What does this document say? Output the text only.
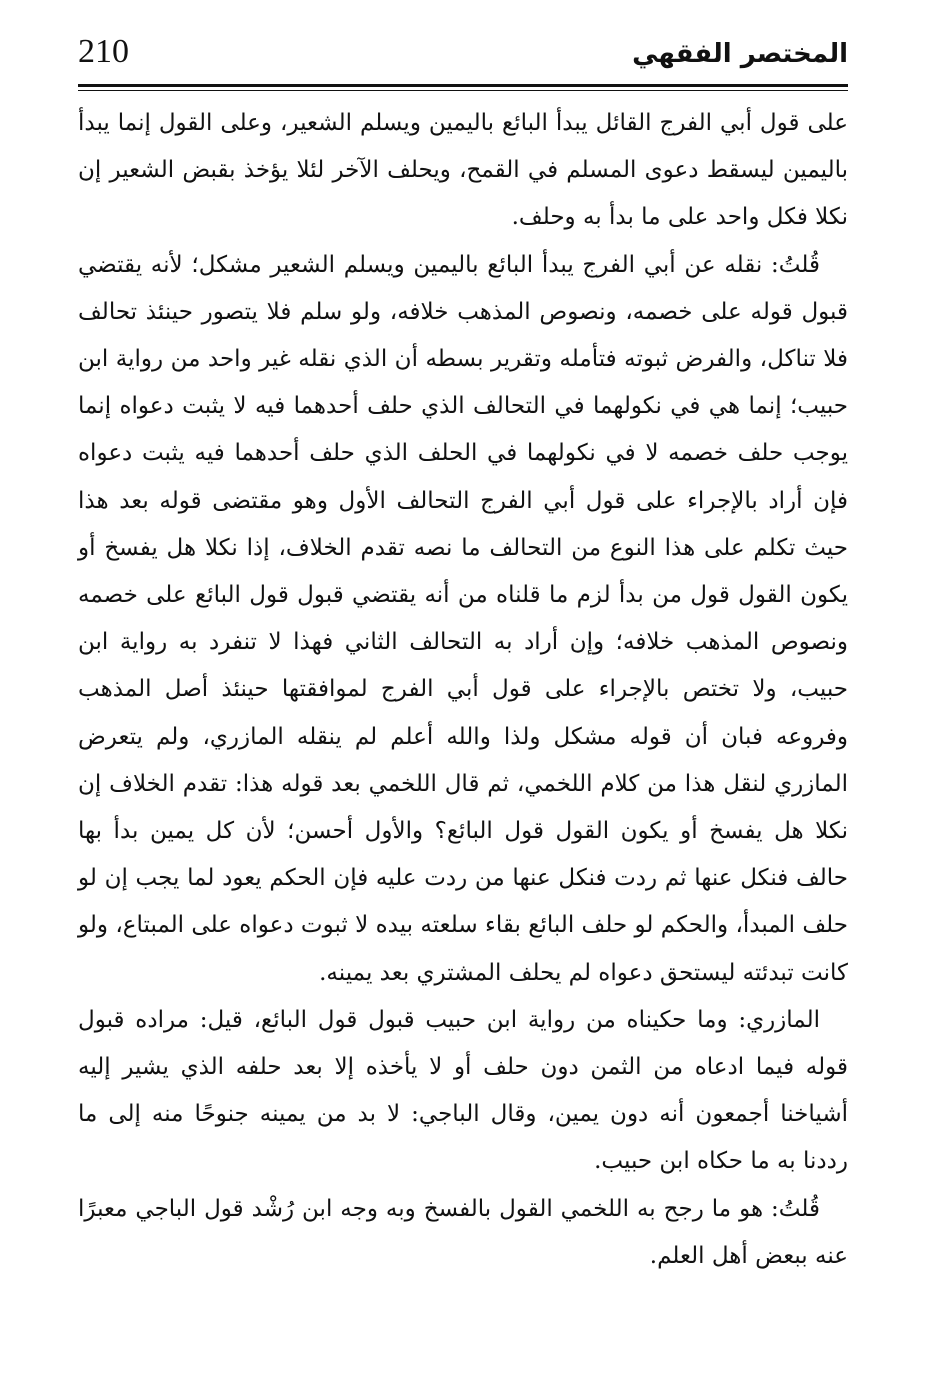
210	المختصر الفقهي

على قول أبي الفرج القائل يبدأ البائع باليمين ويسلم الشعير، وعلى القول إنما يبدأ باليمين ليسقط دعوى المسلم في القمح، ويحلف الآخر لئلا يؤخذ بقبض الشعير إن نكلا فكل واحد على ما بدأ به وحلف.

قُلتُ: نقله عن أبي الفرج يبدأ البائع باليمين ويسلم الشعير مشكل؛ لأنه يقتضي قبول قوله على خصمه، ونصوص المذهب خلافه، ولو سلم فلا يتصور حينئذ تحالف فلا تناكل، والفرض ثبوته فتأمله وتقرير بسطه أن الذي نقله غير واحد من رواية ابن حبيب؛ إنما هي في نكولهما في التحالف الذي حلف أحدهما فيه لا يثبت دعواه إنما يوجب حلف خصمه لا في نكولهما في الحلف الذي حلف أحدهما فيه يثبت دعواه فإن أراد بالإجراء على قول أبي الفرج التحالف الأول وهو مقتضى قوله بعد هذا حيث تكلم على هذا النوع من التحالف ما نصه تقدم الخلاف، إذا نكلا هل يفسخ أو يكون القول قول من بدأ لزم ما قلناه من أنه يقتضي قبول قول البائع على خصمه ونصوص المذهب خلافه؛ وإن أراد به التحالف الثاني فهذا لا تنفرد به رواية ابن حبيب، ولا تختص بالإجراء على قول أبي الفرج لموافقتها حينئذ أصل المذهب وفروعه فبان أن قوله مشكل ولذا والله أعلم لم ينقله المازري، ولم يتعرض المازري لنقل هذا من كلام اللخمي، ثم قال اللخمي بعد قوله هذا: تقدم الخلاف إن نكلا هل يفسخ أو يكون القول قول البائع؟ والأول أحسن؛ لأن كل يمين بدأ بها حالف فنكل عنها ثم ردت فنكل عنها من ردت عليه فإن الحكم يعود لما يجب إن لو حلف المبدأ، والحكم لو حلف البائع بقاء سلعته بيده لا ثبوت دعواه على المبتاع، ولو كانت تبدئته ليستحق دعواه لم يحلف المشتري بعد يمينه.

المازري: وما حكيناه من رواية ابن حبيب قبول قول البائع، قيل: مراده قبول قوله فيما ادعاه من الثمن دون حلف أو لا يأخذه إلا بعد حلفه الذي يشير إليه أشياخنا أجمعون أنه دون يمين، وقال الباجي: لا بد من يمينه جنوحًا منه إلى ما رددنا به ما حكاه ابن حبيب.

قُلتُ: هو ما رجح به اللخمي القول بالفسخ وبه وجه ابن رُشْد قول الباجي معبرًا عنه ببعض أهل العلم.
